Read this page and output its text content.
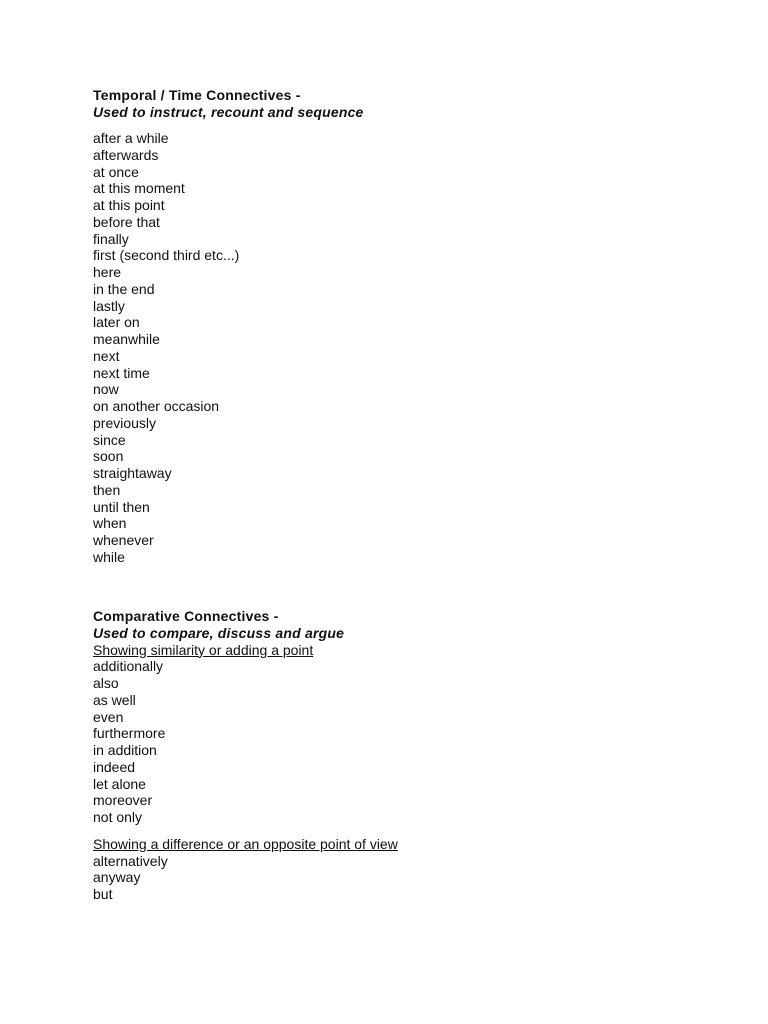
Temporal / Time Connectives -
Used to instruct, recount and sequence
after a while
afterwards
at once
at this moment
at this point
before that
finally
first (second third etc...)
here
in the end
lastly
later on
meanwhile
next
next time
now
on another occasion
previously
since
soon
straightaway
then
until then
when
whenever
while
Comparative Connectives -
Used to compare, discuss and argue
Showing similarity or adding a point
additionally
also
as well
even
furthermore
in addition
indeed
let alone
moreover
not only
Showing a difference or an opposite point of view
alternatively
anyway
but
